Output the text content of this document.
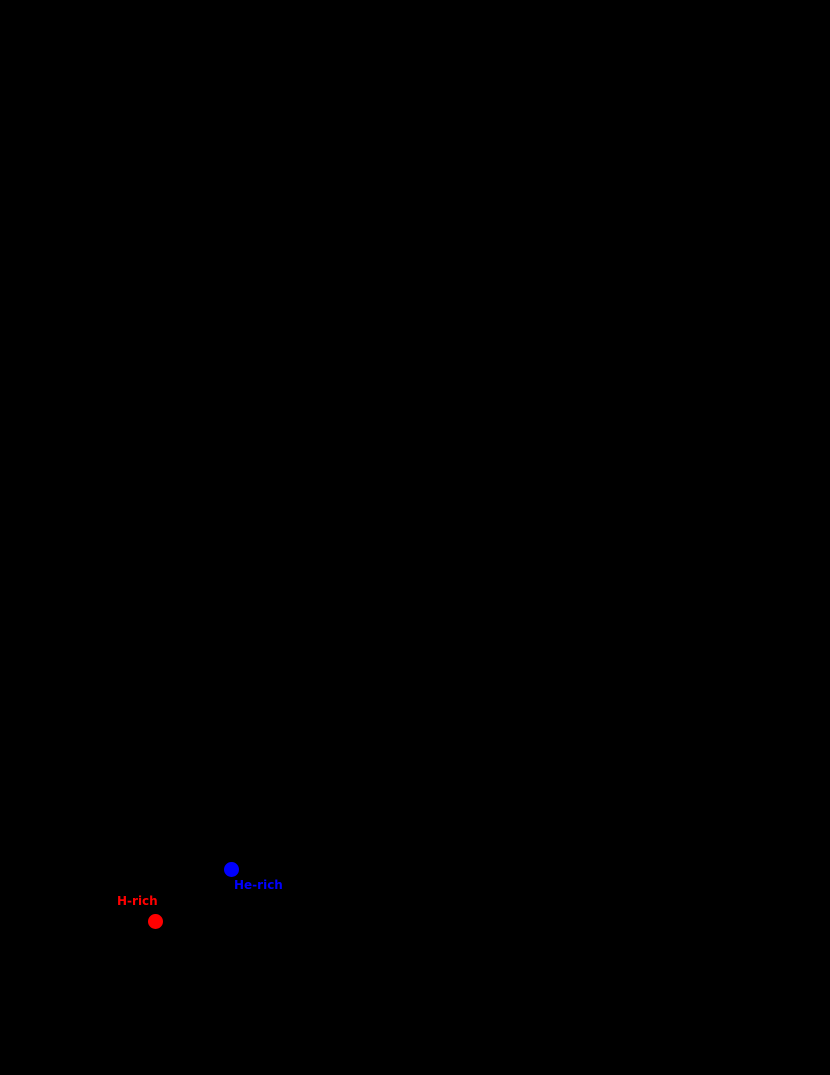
He-rich
H-rich
